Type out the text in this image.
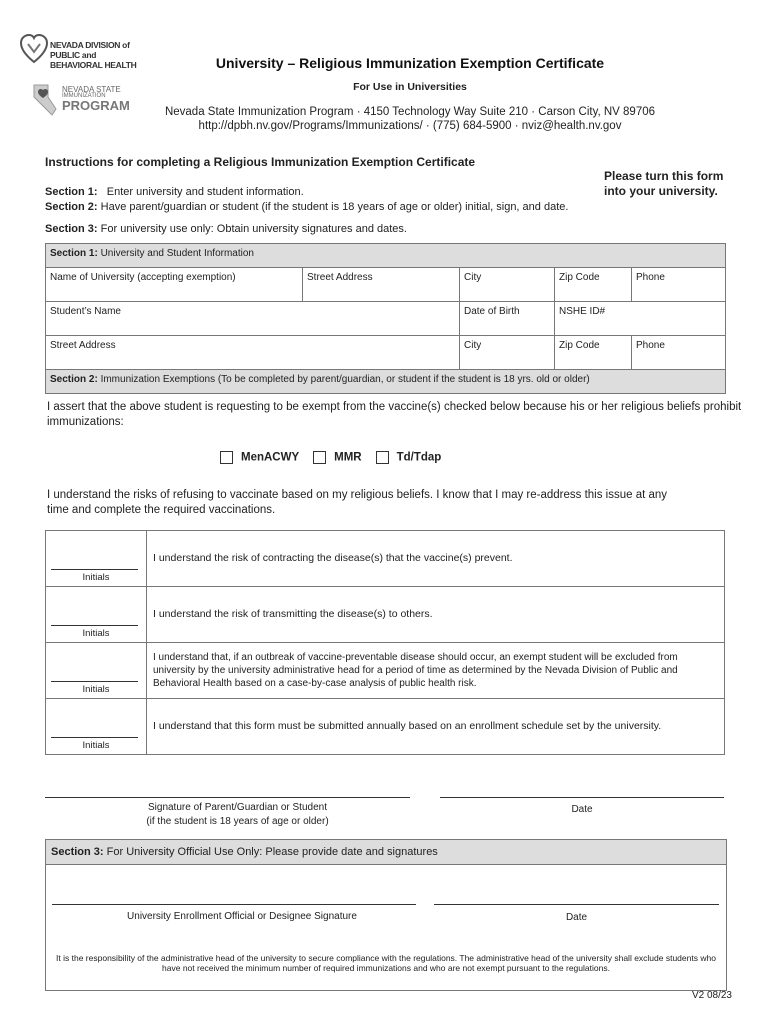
NEVADA DIVISION of PUBLIC and BEHAVIORAL HEALTH
NEVADA STATE
IMMUNIZATION
PROGRAM
University – Religious Immunization Exemption Certificate
For Use in Universities
Nevada State Immunization Program · 4150 Technology Way Suite 210 · Carson City, NV 89706
http://dpbh.nv.gov/Programs/Immunizations/ · (775) 684-5900 · nviz@health.nv.gov
Instructions for completing a Religious Immunization Exemption Certificate
Please turn this form into your university.
Section 1: Enter university and student information.
Section 2: Have parent/guardian or student (if the student is 18 years of age or older) initial, sign, and date.
Section 3: For university use only: Obtain university signatures and dates.
Section 1: University and Student Information				
Name of University (accepting exemption)	Street Address	City	Zip Code	Phone
Student’s Name		Date of Birth	NSHE ID#	
Street Address		City	Zip Code	Phone
Section 2: Immunization Exemptions (To be completed by parent/guardian, or student if the student is 18 yrs. old or older)				
I assert that the above student is requesting to be exempt from the vaccine(s) checked below because his or her religious beliefs prohibit immunizations:
MenACWY	MMR	Td/Tdap
I understand the risks of refusing to vaccinate based on my religious beliefs. I know that I may re-address this issue at any time and complete the required vaccinations.
Initials	I understand the risk of contracting the disease(s) that the vaccine(s) prevent.

Initials	I understand the risk of transmitting the disease(s) to others.

Initials	I understand that, if an outbreak of vaccine-preventable disease should occur, an exempt student will be excluded from university by the university administrative head for a period of time as determined by the Nevada Division of Public and Behavioral Health based on a case-by-case analysis of public health risk.

Initials	I understand that this form must be submitted annually based on an enrollment schedule set by the university.
Signature of Parent/Guardian or Student
(if the student is 18 years of age or older)
Date
Section 3: For University Official Use Only: Please provide date and signatures
University Enrollment Official or Designee Signature	Date
It is the responsibility of the administrative head of the university to secure compliance with the regulations. The administrative head of the university shall exclude students who have not received the minimum number of required immunizations and who are not exempt pursuant to the regulations.
V2 08/23
